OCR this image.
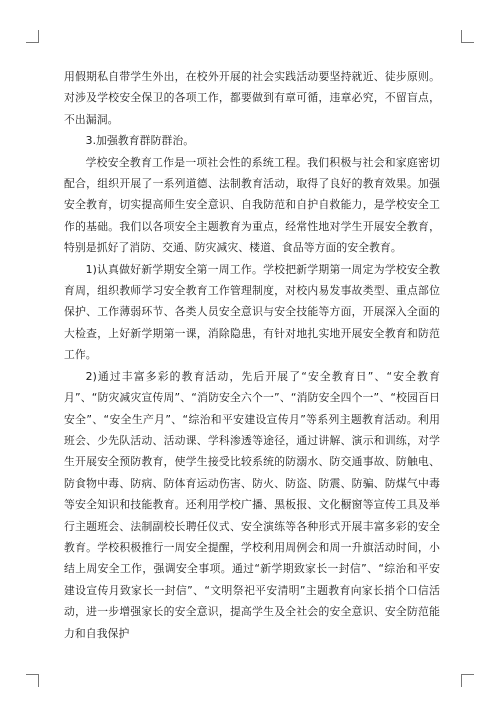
用假期私自带学生外出，在校外开展的社会实践活动要坚持就近、徒步原则。对涉及学校安全保卫的各项工作，都要做到有章可循，违章必究，不留盲点，不出漏洞。

3.加强教育群防群治。

学校安全教育工作是一项社会性的系统工程。我们积极与社会和家庭密切配合，组织开展了一系列道德、法制教育活动，取得了良好的教育效果。加强安全教育，切实提高师生安全意识、自我防范和自护自救能力，是学校安全工作的基础。我们以各项安全主题教育为重点，经常性地对学生开展安全教育，特别是抓好了消防、交通、防灾减灾、楼道、食品等方面的安全教育。

1)认真做好新学期安全第一周工作。学校把新学期第一周定为学校安全教育周，组织教师学习安全教育工作管理制度，对校内易发事故类型、重点部位保护、工作薄弱环节、各类人员安全意识与安全技能等方面，开展深入全面的大检查，上好新学期第一课，消除隐患，有针对地扎实地开展安全教育和防范工作。

2)通过丰富多彩的教育活动，先后开展了“安全教育日”、“安全教育月”、“防灾减灾宣传周”、“消防安全六个一”、“消防安全四个一”、“校园百日安全”、“安全生产月”、“综治和平安建设宣传月”等系列主题教育活动。利用班会、少先队活动、活动课、学科渗透等途径，通过讲解、演示和训练，对学生开展安全预防教育，使学生接受比较系统的防溺水、防交通事故、防触电、防食物中毒、防病、防体育运动伤害、防火、防盗、防震、防骗、防煤气中毒等安全知识和技能教育。还利用学校广播、黑板报、文化橱窗等宣传工具及举行主题班会、法制副校长聘任仪式、安全演练等各种形式开展丰富多彩的安全教育。学校积极推行一周安全提醒，学校利用周例会和周一升旗活动时间，小结上周安全工作，强调安全事项。通过“新学期致家长一封信”、“综治和平安建设宣传月致家长一封信”、“文明祭祀平安清明”主题教育向家长捎个口信活动，进一步增强家长的安全意识，提高学生及全社会的安全意识、安全防范能力和自我保护
